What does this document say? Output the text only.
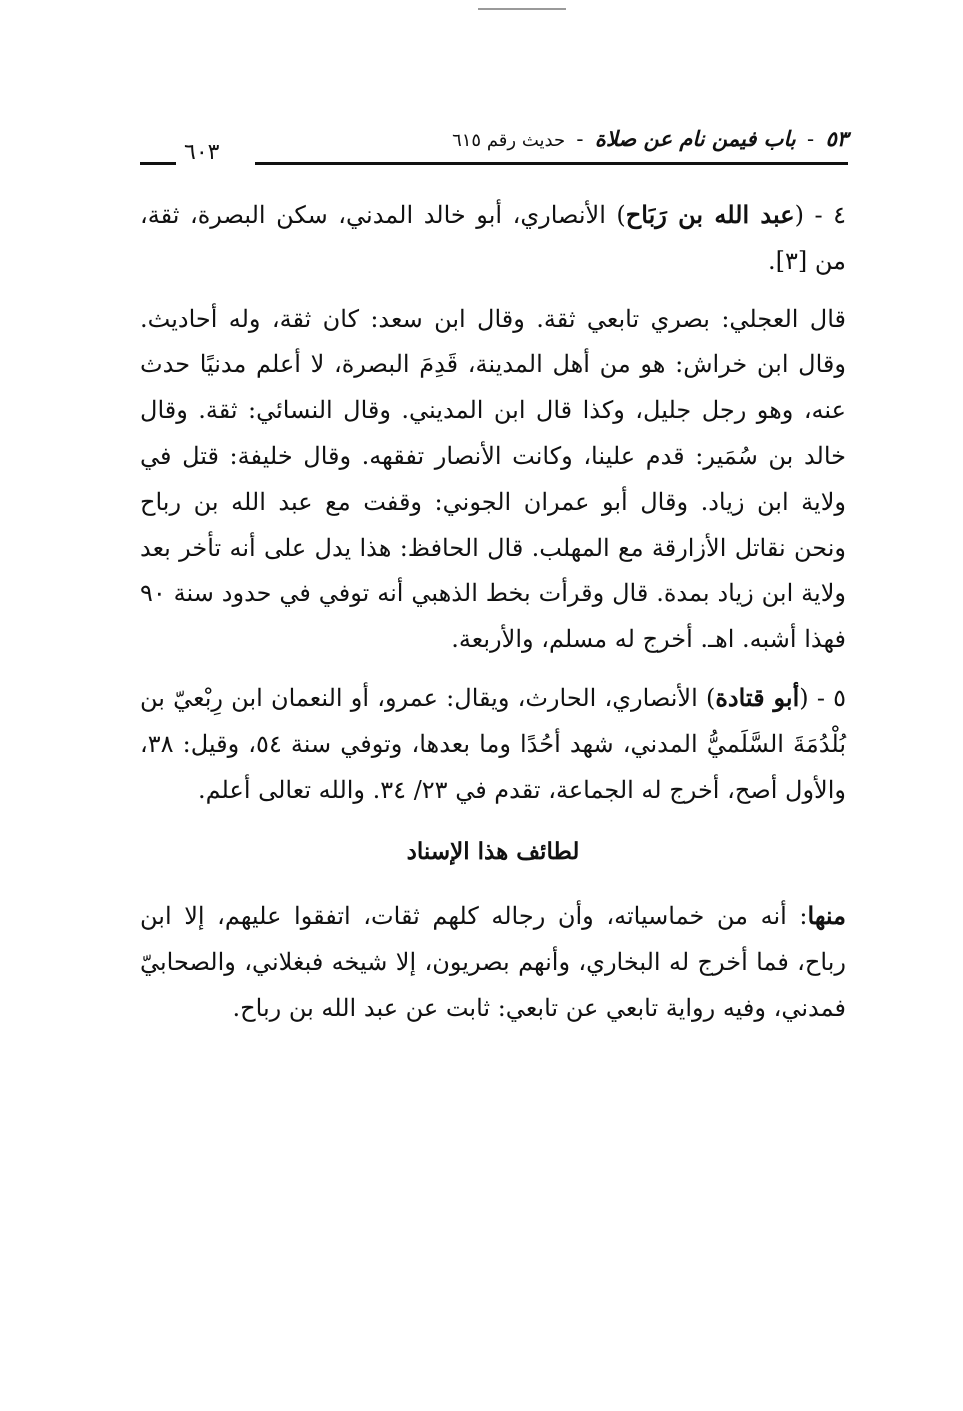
٥٣ - باب فيمن نام عن صلاة - حديث رقم ٦١٥
٦٠٣

٤ - (عبد الله بن رَبَاح) الأنصاري، أبو خالد المدني، سكن البصرة، ثقة، من [٣].

قال العجلي: بصري تابعي ثقة. وقال ابن سعد: كان ثقة، وله أحاديث. وقال ابن خراش: هو من أهل المدينة، قَدِمَ البصرة، لا أعلم مدنيًا حدث عنه، وهو رجل جليل، وكذا قال ابن المديني. وقال النسائي: ثقة. وقال خالد بن سُمَير: قدم علينا، وكانت الأنصار تفقهه. وقال خليفة: قتل في ولاية ابن زياد. وقال أبو عمران الجوني: وقفت مع عبد الله بن رباح ونحن نقاتل الأزارقة مع المهلب. قال الحافظ: هذا يدل على أنه تأخر بعد ولاية ابن زياد بمدة. قال وقرأت بخط الذهبي أنه توفي في حدود سنة ٩٠ فهذا أشبه. اهـ. أخرج له مسلم، والأربعة.

٥ - (أبو قتادة) الأنصاري، الحارث، ويقال: عمرو، أو النعمان ابن رِبْعيّ بن بُلْدُمَةَ السَّلَميُّ المدني، شهد أحُدًا وما بعدها، وتوفي سنة ٥٤، وقيل: ٣٨، والأول أصح، أخرج له الجماعة، تقدم في ٢٣/ ٣٤. والله تعالى أعلم.

لطائف هذا الإسناد

منها: أنه من خماسياته، وأن رجاله كلهم ثقات، اتفقوا عليهم، إلا ابن رباح، فما أخرج له البخاري، وأنهم بصريون، إلا شيخه فبغلاني، والصحابيّ فمدني، وفيه رواية تابعي عن تابعي: ثابت عن عبد الله بن رباح.
